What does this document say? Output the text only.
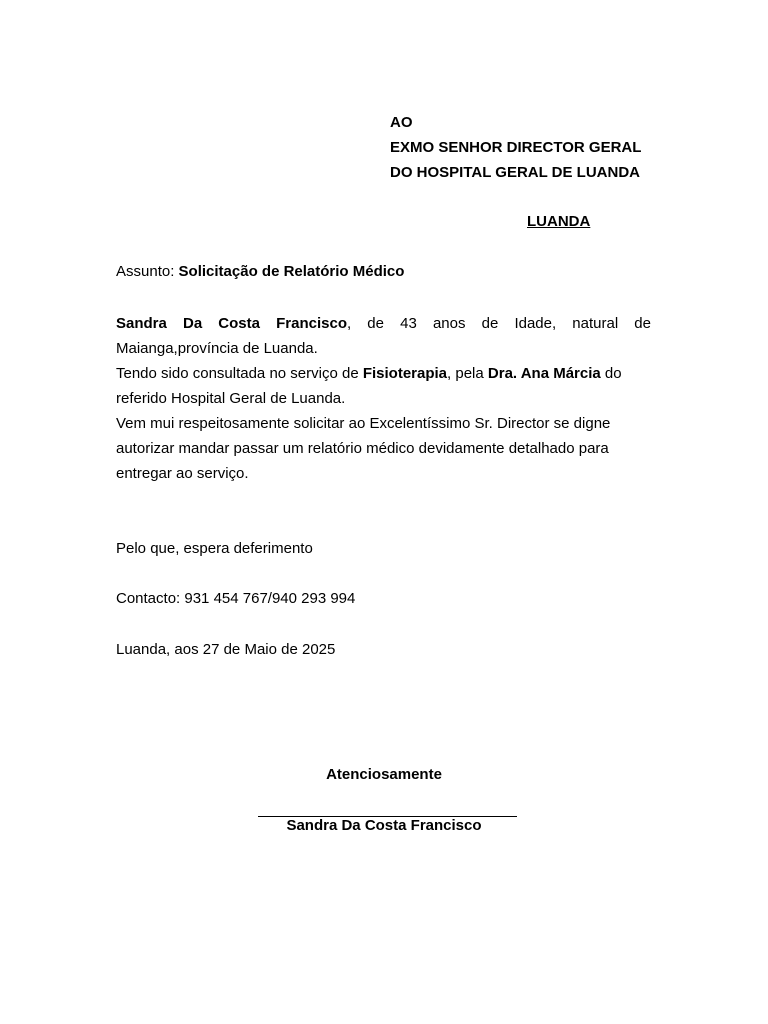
AO
EXMO SENHOR DIRECTOR GERAL
DO HOSPITAL GERAL DE LUANDA
LUANDA
Assunto: Solicitação de Relatório Médico

Sandra Da Costa Francisco, de 43 anos de Idade, natural de Maianga,província de Luanda.

Tendo sido consultada no serviço de Fisioterapia, pela Dra. Ana Márcia do referido Hospital Geral de Luanda.

Vem mui respeitosamente solicitar ao Excelentíssimo Sr. Director se digne autorizar mandar passar um relatório médico devidamente detalhado para entregar ao serviço.

Pelo que, espera deferimento
Contacto: 931 454 767/940 293 994
Luanda, aos 27 de Maio de 2025
Atenciosamente
Sandra Da Costa Francisco
